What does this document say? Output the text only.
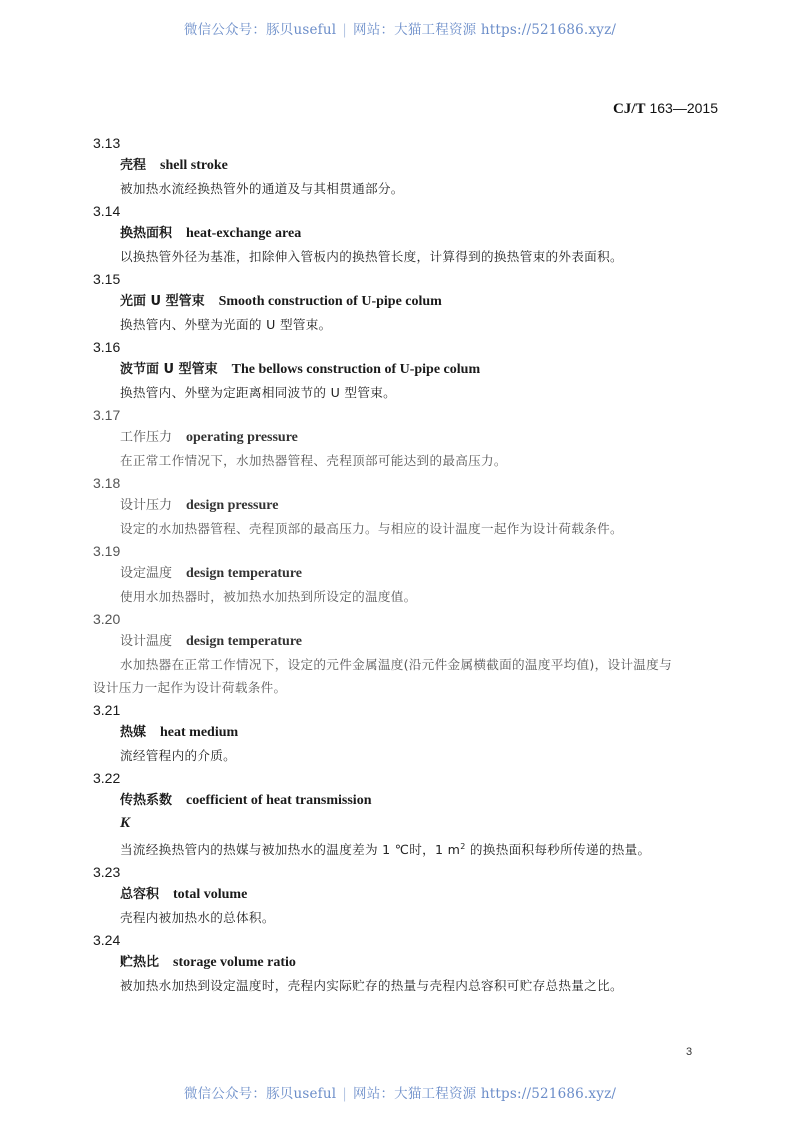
微信公众号：豚贝useful | 网站：大猫工程资源 https://521686.xyz/
CJ/T 163—2015
3.13
壳程 shell stroke
被加热水流经换热管外的通道及与其相贯通部分。
3.14
换热面积 heat-exchange area
以换热管外径为基准，扣除伸入管板内的换热管长度，计算得到的换热管束的外表面积。
3.15
光面 U 型管束 Smooth construction of U-pipe colum
换热管内、外壁为光面的 U 型管束。
3.16
波节面 U 型管束 The bellows construction of U-pipe colum
换热管内、外壁为定距离相同波节的 U 型管束。
3.17
工作压力 operating pressure
在正常工作情况下，水加热器管程、壳程顶部可能达到的最高压力。
3.18
设计压力 design pressure
设定的水加热器管程、壳程顶部的最高压力。与相应的设计温度一起作为设计荷载条件。
3.19
设定温度 design temperature
使用水加热器时，被加热水加热到所设定的温度值。
3.20
设计温度 design temperature
水加热器在正常工作情况下，设定的元件金属温度(沿元件金属横截面的温度平均值)，设计温度与
设计压力一起作为设计荷载条件。
3.21
热媒 heat medium
流经管程内的介质。
3.22
传热系数 coefficient of heat transmission
K
当流经换热管内的热媒与被加热水的温度差为 1 ℃时，1 $m^2$ 的换热面积每秒所传递的热量。
3.23
总容积 total volume
壳程内被加热水的总体积。
3.24
贮热比 storage volume ratio
被加热水加热到设定温度时，壳程内实际贮存的热量与壳程内总容积可贮存总热量之比。
3
微信公众号：豚贝useful | 网站：大猫工程资源 https://521686.xyz/
